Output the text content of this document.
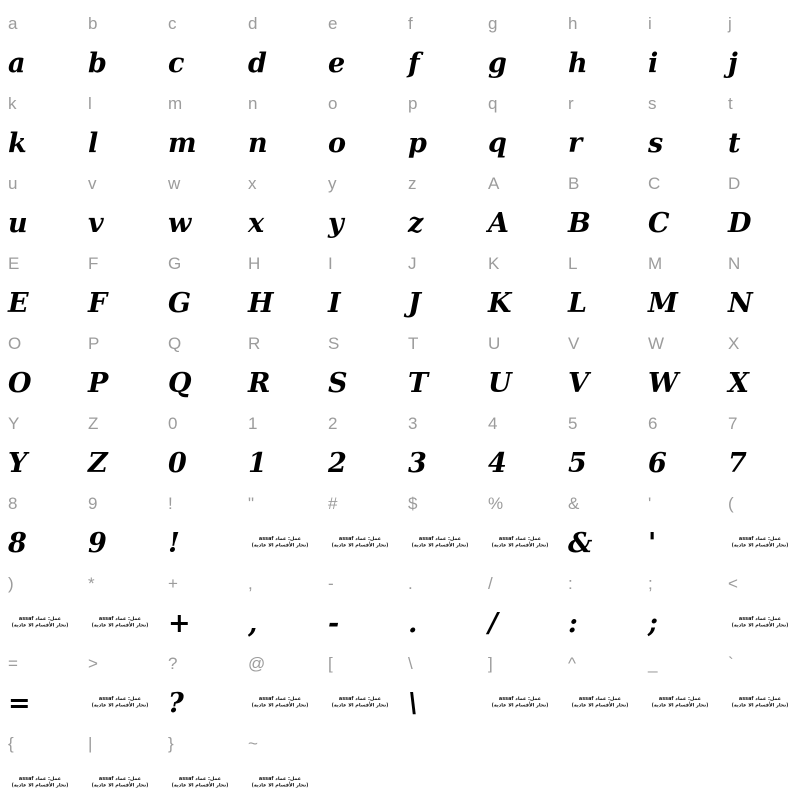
a
a
b
b
c
c
d
d
e
e
f
f
g
g
h
h
i
i
j
j
k
k
l
l
m
m
n
n
o
o
p
p
q
q
r
r
s
s
t
t
u
u
v
v
w
w
x
x
y
y
z
z
A
A
B
B
C
C
D
D
E
E
F
F
G
G
H
H
I
I
J
J
K
K
L
L
M
M
N
N
O
O
P
P
Q
Q
R
R
S
S
T
T
U
U
V
V
W
W
X
X
Y
Y
Z
Z
0
0
1
1
2
2
3
3
4
4
5
5
6
6
7
7
8
8
9
9
!
!
"
عمل: عماد assaf
(تحار الأقسام الا عادية)
#
عمل: عماد assaf
(تحار الأقسام الا عادية)
$
عمل: عماد assaf
(تحار الأقسام الا عادية)
%
عمل: عماد assaf
(تحار الأقسام الا عادية)
&
&
'
'
(
عمل: عماد assaf
(تحار الأقسام الا عادية)
)
عمل: عماد assaf
(تحار الأقسام الا عادية)
*
عمل: عماد assaf
(تحار الأقسام الا عادية)
+
+
,
,
-
-
.
.
/
/
:
:
;
;
<
عمل: عماد assaf
(تحار الأقسام الا عادية)
=
=
>
عمل: عماد assaf
(تحار الأقسام الا عادية)
?
?
@
عمل: عماد assaf
(تحار الأقسام الا عادية)
[
عمل: عماد assaf
(تحار الأقسام الا عادية)
\
\
]
عمل: عماد assaf
(تحار الأقسام الا عادية)
^
عمل: عماد assaf
(تحار الأقسام الا عادية)
_
عمل: عماد assaf
(تحار الأقسام الا عادية)
`
عمل: عماد assaf
(تحار الأقسام الا عادية)
{
عمل: عماد assaf
(تحار الأقسام الا عادية)
|
عمل: عماد assaf
(تحار الأقسام الا عادية)
}
عمل: عماد assaf
(تحار الأقسام الا عادية)
~
عمل: عماد assaf
(تحار الأقسام الا عادية)
